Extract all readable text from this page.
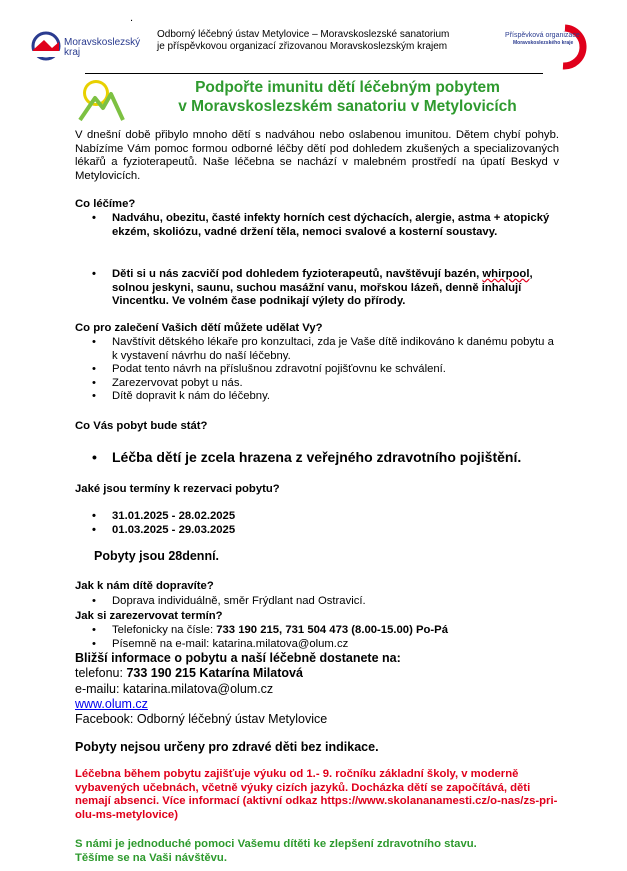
.
Moravskoslezský
kraj
Odborný léčebný ústav Metylovice – Moravskoslezské sanatorium
je příspěvkovou organizací zřizovanou Moravskoslezským krajem
Příspěvková organizace
Moravskoslezského kraje
Podpořte imunitu dětí léčebným pobytem
v Moravskoslezském sanatoriu v Metylovicích
V dnešní době přibylo mnoho dětí s nadváhou nebo oslabenou imunitou. Dětem chybí pohyb. Nabízíme Vám pomoc formou odborné léčby dětí pod dohledem zkušených a specializovaných lékařů a fyzioterapeutů. Naše léčebna se nachází v malebném prostředí na úpatí Beskyd v Metylovicích.
Co léčíme?
• Nadváhu, obezitu, časté infekty horních cest dýchacích, alergie, astma + atopický ekzém, skoliózu, vadné držení těla, nemoci svalové a kosterní soustavy.
• Děti si u nás zacvičí pod dohledem fyzioterapeutů, navštěvují bazén, whirpool, solnou jeskyni, saunu, suchou masážní vanu, mořskou lázeň, denně inhalují Vincentku. Ve volném čase podnikají výlety do přírody.
Co pro zalečení Vašich dětí můžete udělat Vy?
• Navštívit dětského lékaře pro konzultaci, zda je Vaše dítě indikováno k danému pobytu a k vystavení návrhu do naší léčebny.
• Podat tento návrh na příslušnou zdravotní pojišťovnu ke schválení.
• Zarezervovat pobyt u nás.
• Dítě dopravit k nám do léčebny.
Co Vás pobyt bude stát?
• Léčba dětí je zcela hrazena z veřejného zdravotního pojištění.
Jaké jsou termíny k rezervaci pobytu?
• 31.01.2025 - 28.02.2025
• 01.03.2025 - 29.03.2025
Pobyty jsou 28denní.
Jak k nám dítě dopravíte?
• Doprava individuálně, směr Frýdlant nad Ostravicí.
Jak si zarezervovat termín?
• Telefonicky na čísle: 733 190 215, 731 504 473 (8.00-15.00) Po-Pá
• Písemně na e-mail: katarina.milatova@olum.cz
Bližší informace o pobytu a naší léčebně dostanete na:
telefonu: 733 190 215 Katarína Milatová
e-mailu: katarina.milatova@olum.cz
www.olum.cz
Facebook: Odborný léčebný ústav Metylovice
Pobyty nejsou určeny pro zdravé děti bez indikace.
Léčebna během pobytu zajišťuje výuku od 1.- 9. ročníku základní školy, v moderně vybavených učebnách, včetně výuky cizích jazyků. Docházka dětí se započítává, děti nemají absenci. Více informací (aktivní odkaz https://www.skolananamesti.cz/o-nas/zs-pri-olu-ms-metylovice)
S námi je jednoduché pomoci Vašemu dítěti ke zlepšení zdravotního stavu.
Těšíme se na Vaši návštěvu.
